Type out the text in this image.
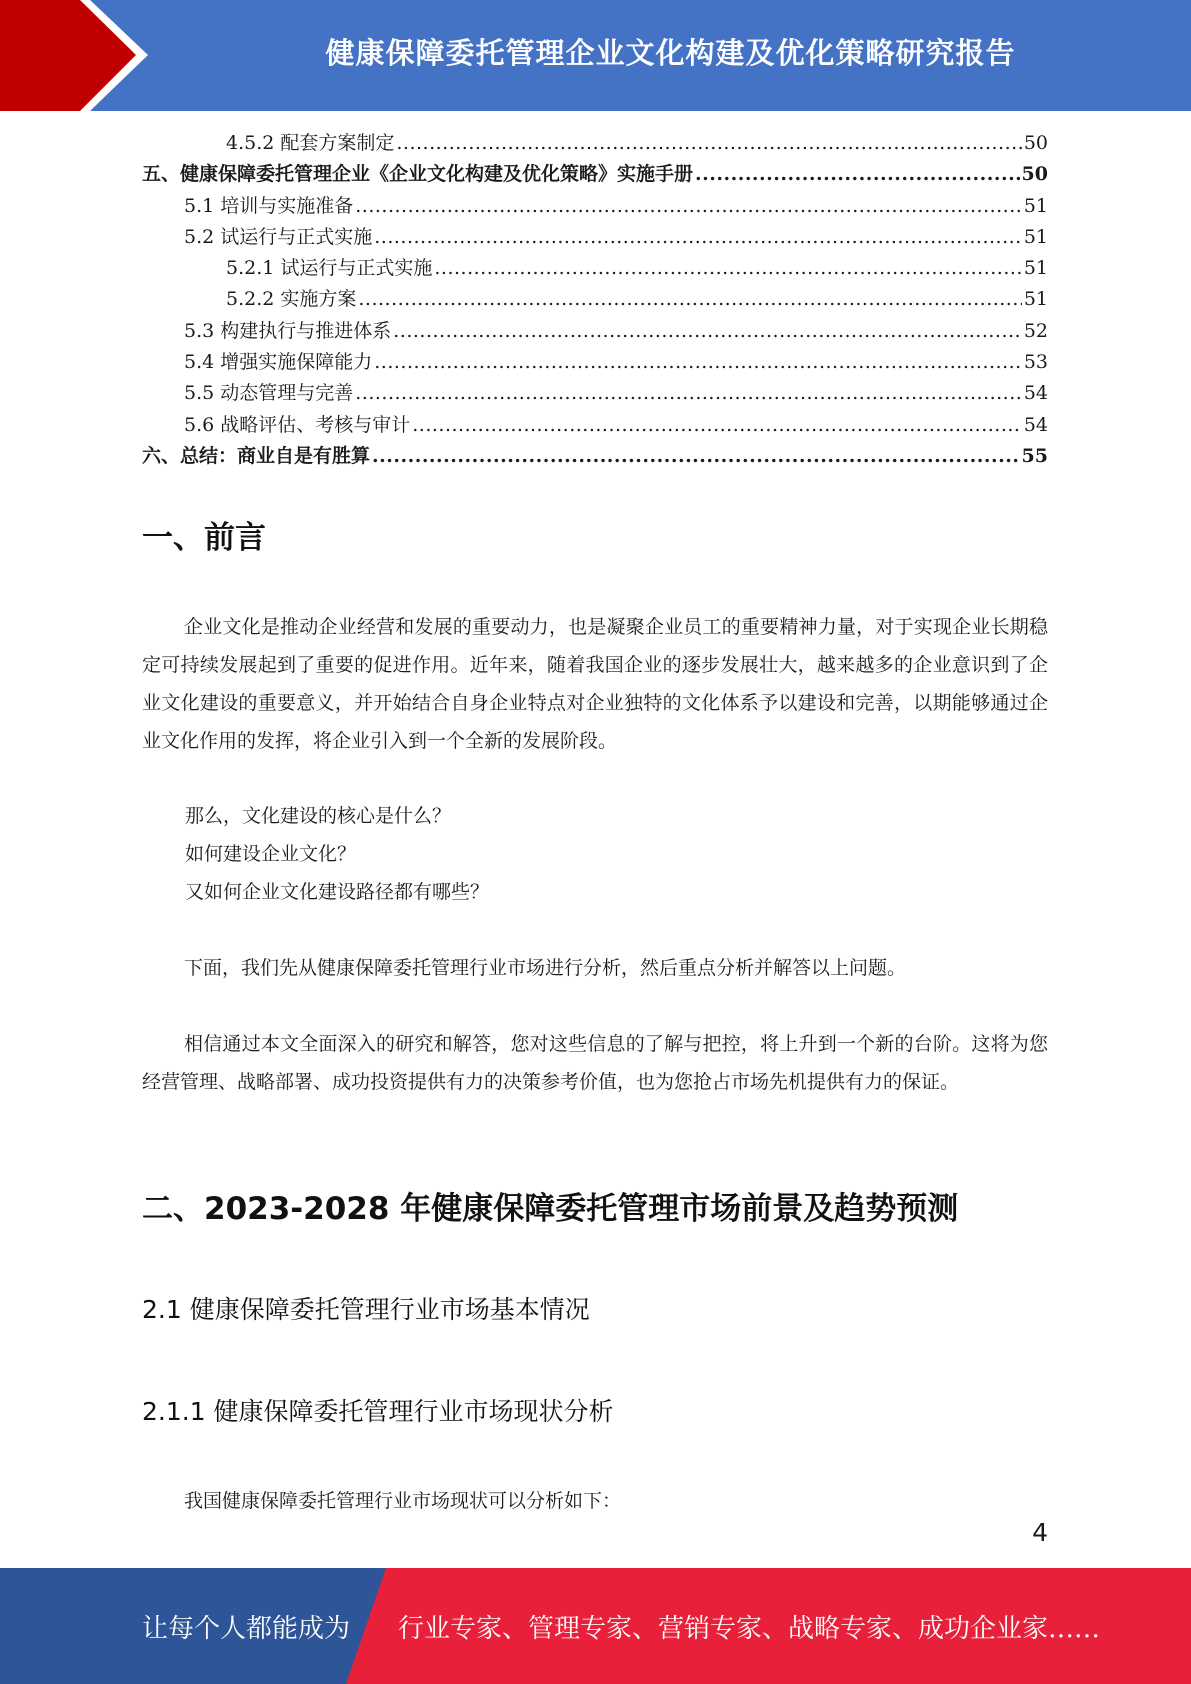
健康保障委托管理企业文化构建及优化策略研究报告
4.5.2 配套方案制定 .....	50
五、健康保障委托管理企业《企业文化构建及优化策略》实施手册 .....	50
5.1 培训与实施准备 .....	51
5.2 试运行与正式实施 .....	51
5.2.1 试运行与正式实施 .....	51
5.2.2 实施方案 .....	51
5.3 构建执行与推进体系 .....	52
5.4 增强实施保障能力 .....	53
5.5 动态管理与完善 .....	54
5.6 战略评估、考核与审计 .....	54
六、总结：商业自是有胜算 .....	55
一、前言

企业文化是推动企业经营和发展的重要动力，也是凝聚企业员工的重要精神力量，对于实现企业长期稳定可持续发展起到了重要的促进作用。近年来，随着我国企业的逐步发展壮大，越来越多的企业意识到了企业文化建设的重要意义，并开始结合自身企业特点对企业独特的文化体系予以建设和完善，以期能够通过企业文化作用的发挥，将企业引入到一个全新的发展阶段。

那么，文化建设的核心是什么？
如何建设企业文化？
又如何企业文化建设路径都有哪些？

下面，我们先从健康保障委托管理行业市场进行分析，然后重点分析并解答以上问题。

相信通过本文全面深入的研究和解答，您对这些信息的了解与把控，将上升到一个新的台阶。这将为您经营管理、战略部署、成功投资提供有力的决策参考价值，也为您抢占市场先机提供有力的保证。

二、2023-2028 年健康保障委托管理市场前景及趋势预测
2.1 健康保障委托管理行业市场基本情况
2.1.1 健康保障委托管理行业市场现状分析

我国健康保障委托管理行业市场现状可以分析如下：

4
让每个人都能成为 行业专家、管理专家、营销专家、战略专家、成功企业家……
